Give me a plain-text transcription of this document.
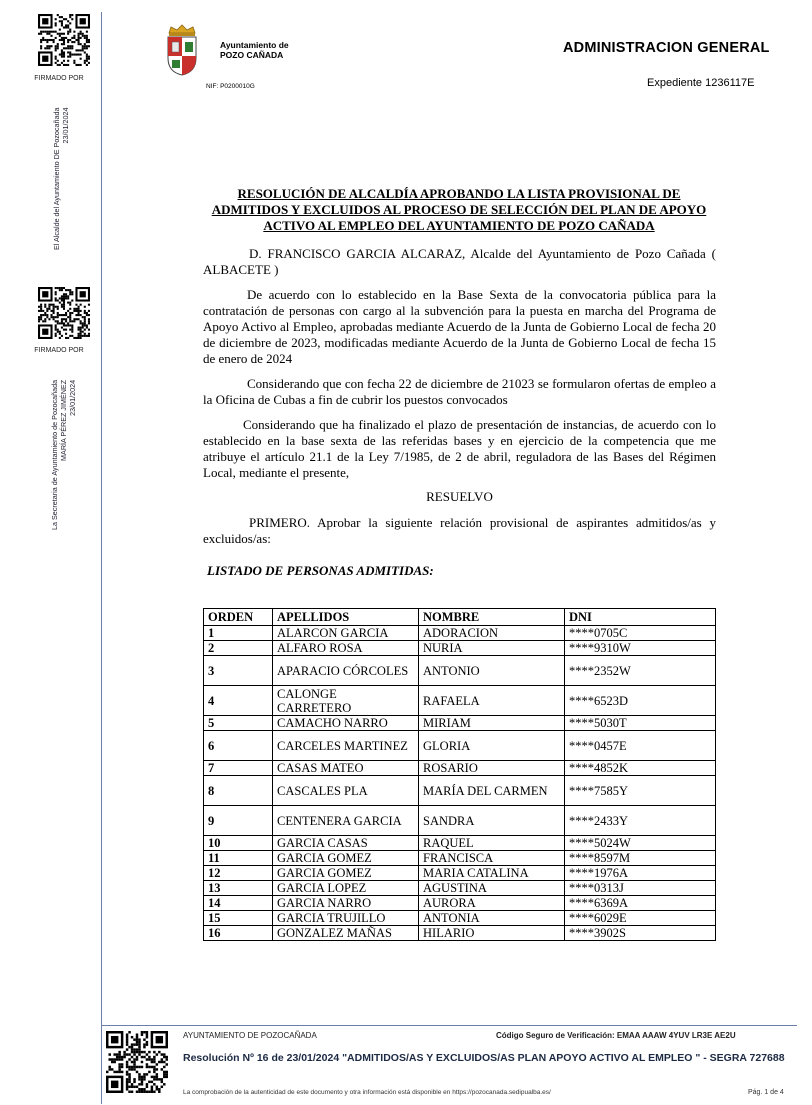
FIRMADO POR
El Alcalde del Ayuntamiento DE Pozocañada 23/01/2024
FIRMADO POR
La Secretaria de Ayuntamiento de Pozocañada MARÍA PÉREZ JIMÉNEZ 23/01/2024
Ayuntamiento de
POZO CAÑADA
NIF: P0200010G
ADMINISTRACION GENERAL
Expediente 1236117E
RESOLUCIÓN DE ALCALDÍA APROBANDO LA LISTA PROVISIONAL DE ADMITIDOS Y EXCLUIDOS AL PROCESO DE SELECCIÓN DEL PLAN DE APOYO ACTIVO AL EMPLEO DEL AYUNTAMIENTO DE POZO CAÑADA
D. FRANCISCO GARCIA ALCARAZ, Alcalde del Ayuntamiento de Pozo Cañada ( ALBACETE )
De acuerdo con lo establecido en la Base Sexta de la convocatoria pública para la contratación de personas con cargo al la subvención para la puesta en marcha del Programa de Apoyo Activo al Empleo, aprobadas mediante Acuerdo de la Junta de Gobierno Local de fecha 20 de diciembre de 2023, modificadas mediante Acuerdo de la Junta de Gobierno Local de fecha 15 de enero de 2024
Considerando que con fecha 22 de diciembre de 21023 se formularon ofertas de empleo a la Oficina de Cubas a fin de cubrir los puestos convocados
Considerando que ha finalizado el plazo de presentación de instancias, de acuerdo con lo establecido en la base sexta de las referidas bases y en ejercicio de la competencia que me atribuye el artículo 21.1 de la Ley 7/1985, de 2 de abril, reguladora de las Bases del Régimen Local, mediante el presente,
RESUELVO
PRIMERO. Aprobar la siguiente relación provisional de aspirantes admitidos/as y excluidos/as:
LISTADO DE PERSONAS ADMITIDAS:
ORDEN	APELLIDOS	NOMBRE	DNI
1	ALARCON GARCIA	ADORACION	****0705C
2	ALFARO ROSA	NURIA	****9310W
3	APARACIO CÓRCOLES	ANTONIO	****2352W
4	CALONGE CARRETERO	RAFAELA	****6523D
5	CAMACHO NARRO	MIRIAM	****5030T
6	CARCELES MARTINEZ	GLORIA	****0457E
7	CASAS MATEO	ROSARIO	****4852K
8	CASCALES PLA	MARÍA DEL CARMEN	****7585Y
9	CENTENERA GARCIA	SANDRA	****2433Y
10	GARCIA CASAS	RAQUEL	****5024W
11	GARCIA GOMEZ	FRANCISCA	****8597M
12	GARCIA GOMEZ	MARIA CATALINA	****1976A
13	GARCIA LOPEZ	AGUSTINA	****0313J
14	GARCIA NARRO	AURORA	****6369A
15	GARCIA TRUJILLO	ANTONIA	****6029E
16	GONZALEZ MAÑAS	HILARIO	****3902S
AYUNTAMIENTO DE POZOCAÑADA	Código Seguro de Verificación: EMAA AAAW 4YUV LR3E AE2U
Resolución Nº 16 de 23/01/2024 "ADMITIDOS/AS Y EXCLUIDOS/AS PLAN APOYO ACTIVO AL EMPLEO " - SEGRA 727688
La comprobación de la autenticidad de este documento y otra información está disponible en https://pozocanada.sedipualba.es/	Pág. 1 de 4
